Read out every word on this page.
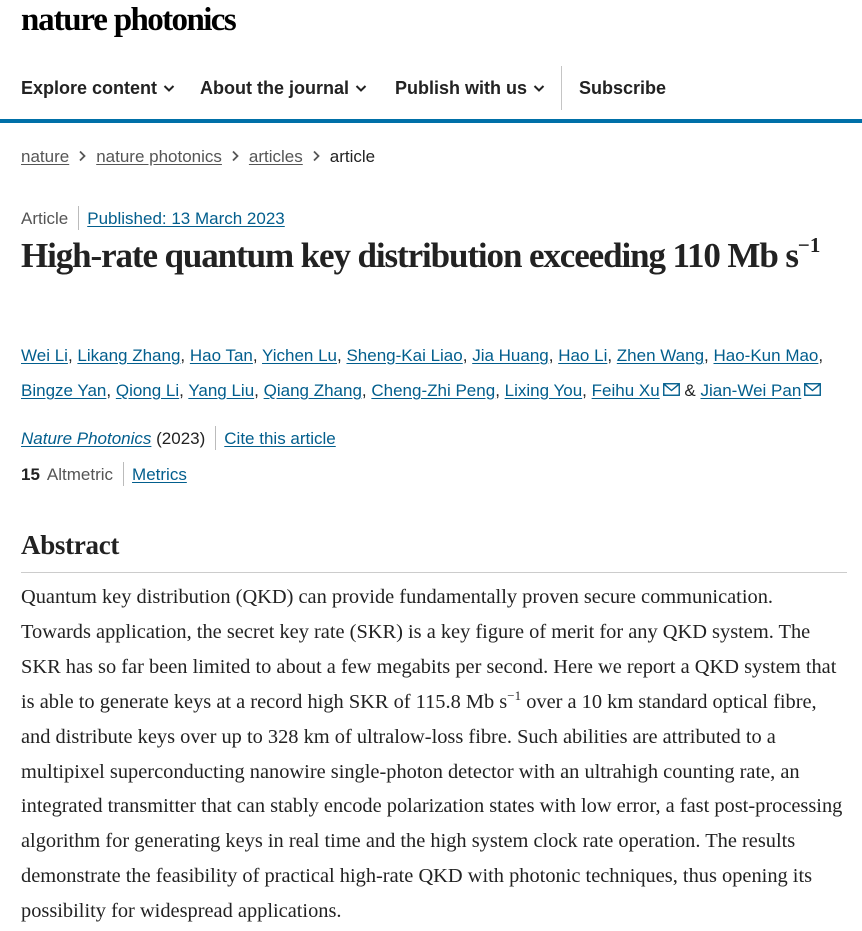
nature photonics
Explore content	About the journal	Publish with us	Subscribe
nature nature photonics articles article
Article Published: 13 March 2023
High-rate quantum key distribution exceeding 110 Mb $s^{-1}$
Wei Li, Likang Zhang, Hao Tan, Yichen Lu, Sheng-Kai Liao, Jia Huang, Hao Li, Zhen Wang, Hao-Kun Mao,
Bingze Yan, Qiong Li, Yang Liu, Qiang Zhang, Cheng-Zhi Peng, Lixing You, Feihu Xu & Jian-Wei Pan
Nature Photonics (2023) Cite this article
15 Altmetric Metrics
Abstract

Quantum key distribution (QKD) can provide fundamentally proven secure communication. Towards application, the secret key rate (SKR) is a key figure of merit for any QKD system. The SKR has so far been limited to about a few megabits per second. Here we report a QKD system that is able to generate keys at a record high SKR of 115.8 Mb $s^{-1}$ over a 10 km standard optical fibre, and distribute keys over up to 328 km of ultralow-loss fibre. Such abilities are attributed to a multipixel superconducting nanowire single-photon detector with an ultrahigh counting rate, an integrated transmitter that can stably encode polarization states with low error, a fast post-processing algorithm for generating keys in real time and the high system clock rate operation. The results demonstrate the feasibility of practical high-rate QKD with photonic techniques, thus opening its possibility for widespread applications.
